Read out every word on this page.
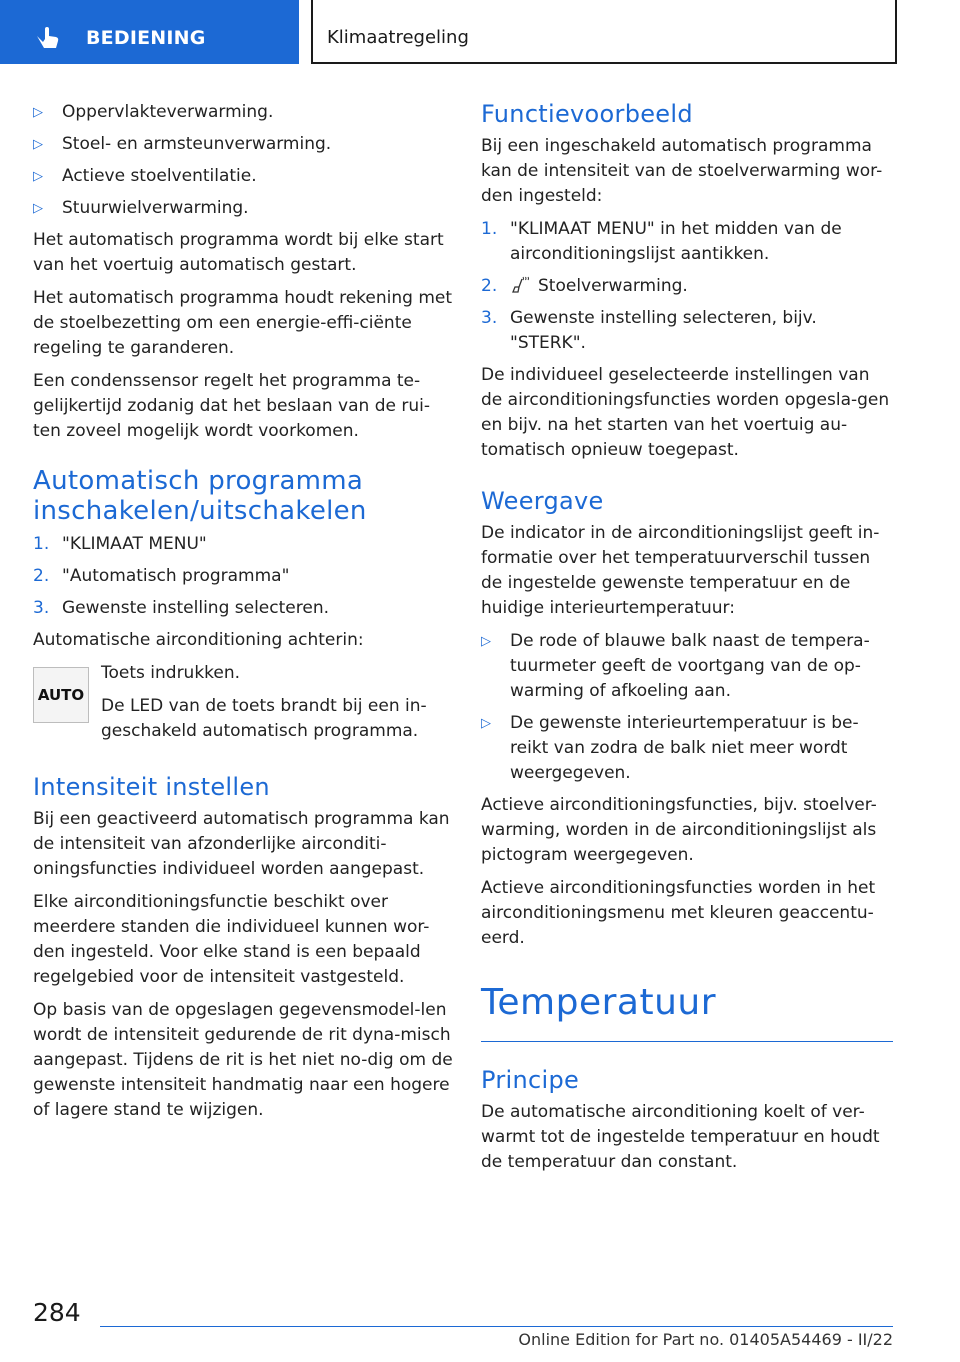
BEDIENING	Klimaatregeling
▷ Oppervlakteverwarming.
▷ Stoel- en armsteunverwarming.
▷ Actieve stoelventilatie.
▷ Stuurwielverwarming.

Het automatisch programma wordt bij elke start van het voertuig automatisch gestart.

Het automatisch programma houdt rekening met de stoelbezetting om een energie-effi-ciënte regeling te garanderen.

Een condenssensor regelt het programma te-gelijkertijd zodanig dat het beslaan van de rui-ten zoveel mogelijk wordt voorkomen.

Automatisch programma inschakelen/uitschakelen
1. "KLIMAAT MENU"
2. "Automatisch programma"
3. Gewenste instelling selecteren.

Automatische airconditioning achterin:

AUTO

Toets indrukken.

De LED van de toets brandt bij een in-geschakeld automatisch programma.

Intensiteit instellen

Bij een geactiveerd automatisch programma kan de intensiteit van afzonderlijke airconditi-oningsfuncties individueel worden aangepast.

Elke airconditioningsfunctie beschikt over meerdere standen die individueel kunnen wor-den ingesteld. Voor elke stand is een bepaald regelgebied voor de intensiteit vastgesteld.

Op basis van de opgeslagen gegevensmodel-len wordt de intensiteit gedurende de rit dyna-misch aangepast. Tijdens de rit is het niet no-dig om de gewenste intensiteit handmatig naar een hogere of lagere stand te wijzigen.

Functievoorbeeld

Bij een ingeschakeld automatisch programma kan de intensiteit van de stoelverwarming wor-den ingesteld:

1. "KLIMAAT MENU" in het midden van de airconditioningslijst aantikken.
2. Stoelverwarming.
3. Gewenste instelling selecteren, bijv. "STERK".

De individueel geselecteerde instellingen van de airconditioningsfuncties worden opgesla-gen en bijv. na het starten van het voertuig au-tomatisch opnieuw toegepast.

Weergave

De indicator in de airconditioningslijst geeft in-formatie over het temperatuurverschil tussen de ingestelde gewenste temperatuur en de huidige interieurtemperatuur:

▷ De rode of blauwe balk naast de tempera-tuurmeter geeft de voortgang van de op-warming of afkoeling aan.
▷ De gewenste interieurtemperatuur is be-reikt van zodra de balk niet meer wordt weergegeven.

Actieve airconditioningsfuncties, bijv. stoelver-warming, worden in de airconditioningslijst als pictogram weergegeven.

Actieve airconditioningsfuncties worden in het airconditioningsmenu met kleuren geaccentu-eerd.

Temperatuur
Principe

De automatische airconditioning koelt of ver-warmt tot de ingestelde temperatuur en houdt de temperatuur dan constant.

284
Online Edition for Part no. 01405A54469 - II/22
